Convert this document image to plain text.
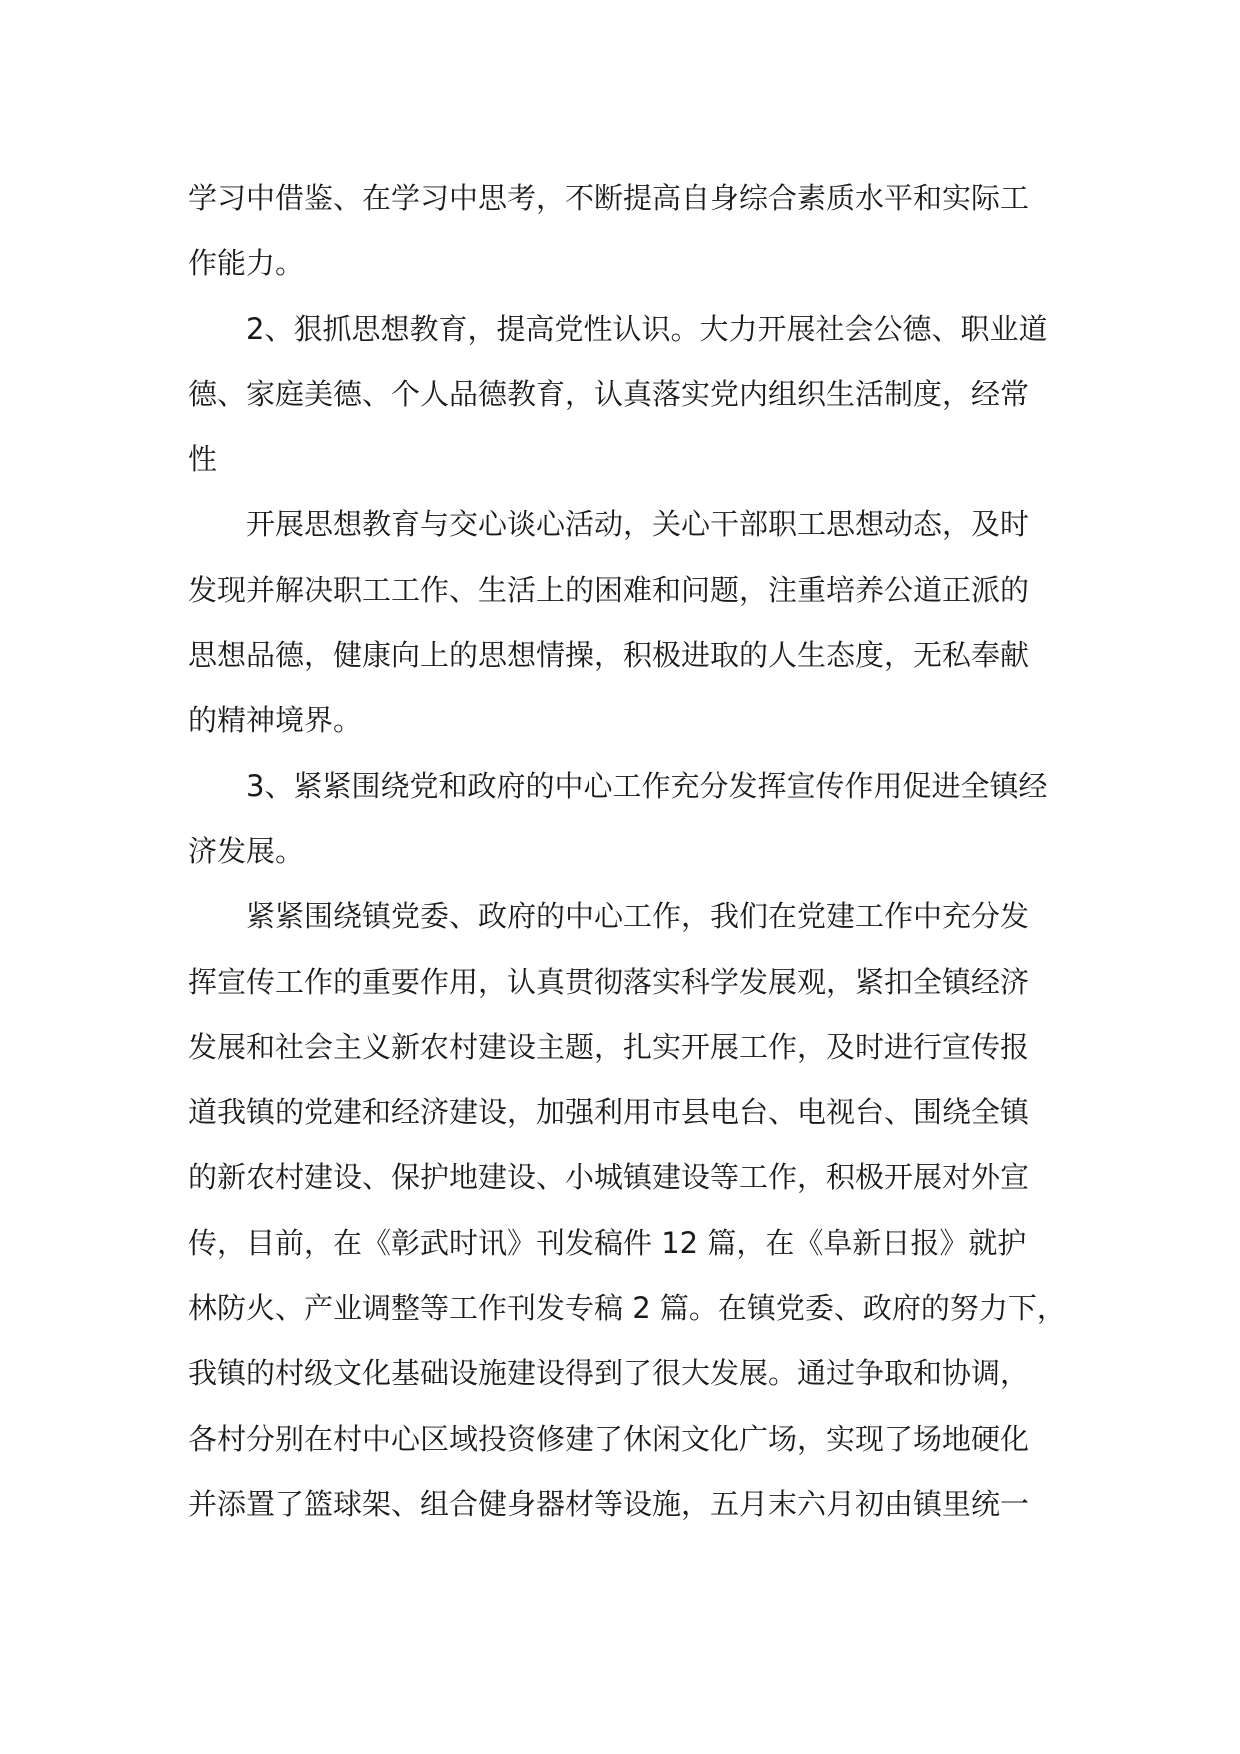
学习中借鉴、在学习中思考，不断提高自身综合素质水平和实际工
作能力。
2、狠抓思想教育，提高党性认识。大力开展社会公德、职业道
德、家庭美德、个人品德教育，认真落实党内组织生活制度，经常
性
开展思想教育与交心谈心活动，关心干部职工思想动态，及时
发现并解决职工工作、生活上的困难和问题，注重培养公道正派的
思想品德，健康向上的思想情操，积极进取的人生态度，无私奉献
的精神境界。
3、紧紧围绕党和政府的中心工作充分发挥宣传作用促进全镇经
济发展。
紧紧围绕镇党委、政府的中心工作，我们在党建工作中充分发
挥宣传工作的重要作用，认真贯彻落实科学发展观，紧扣全镇经济
发展和社会主义新农村建设主题，扎实开展工作，及时进行宣传报
道我镇的党建和经济建设，加强利用市县电台、电视台、围绕全镇
的新农村建设、保护地建设、小城镇建设等工作，积极开展对外宣
传，目前，在《彰武时讯》刊发稿件 12 篇，在《阜新日报》就护
林防火、产业调整等工作刊发专稿 2 篇。在镇党委、政府的努力下，
我镇的村级文化基础设施建设得到了很大发展。通过争取和协调，
各村分别在村中心区域投资修建了休闲文化广场，实现了场地硬化
并添置了篮球架、组合健身器材等设施，五月末六月初由镇里统一
